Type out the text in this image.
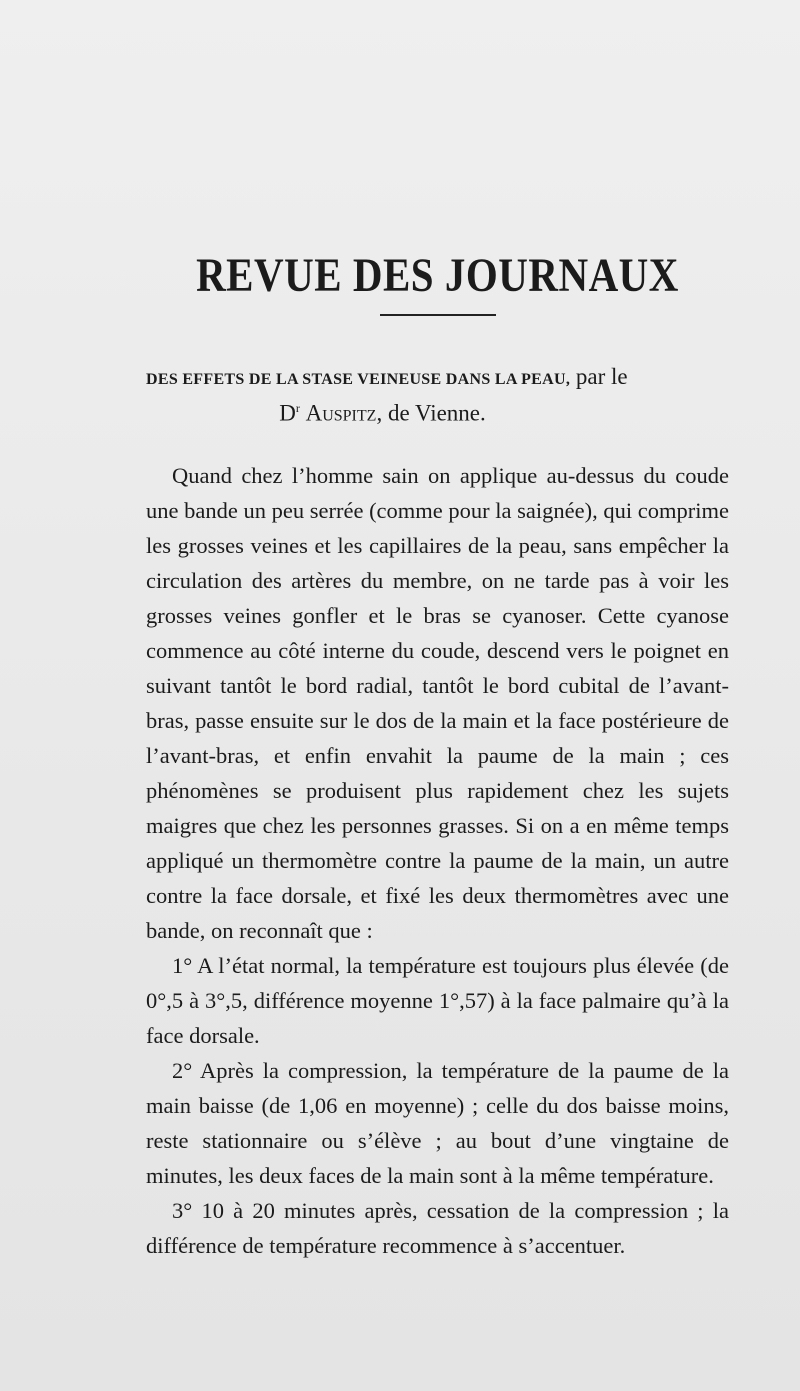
REVUE DES JOURNAUX
DES EFFETS DE LA STASE VEINEUSE DANS LA PEAU, par le
$D^r$ Auspitz, de Vienne.

Quand chez l’homme sain on applique au-dessus du coude une bande un peu serrée (comme pour la saignée), qui comprime les grosses veines et les capillaires de la peau, sans empêcher la circulation des artères du membre, on ne tarde pas à voir les grosses veines gonfler et le bras se cyanoser. Cette cyanose commence au côté interne du coude, descend vers le poignet en suivant tantôt le bord radial, tantôt le bord cubital de l’avant-bras, passe ensuite sur le dos de la main et la face postérieure de l’avant-bras, et enfin envahit la paume de la main ; ces phénomènes se produisent plus rapidement chez les sujets maigres que chez les personnes grasses. Si on a en même temps appliqué un thermomètre contre la paume de la main, un autre contre la face dorsale, et fixé les deux thermomètres avec une bande, on reconnaît que :

1° A l’état normal, la température est toujours plus élevée (de 0°,5 à 3°,5, différence moyenne 1°,57) à la face palmaire qu’à la face dorsale.

2° Après la compression, la température de la paume de la main baisse (de 1,06 en moyenne) ; celle du dos baisse moins, reste stationnaire ou s’élève ; au bout d’une vingtaine de minutes, les deux faces de la main sont à la même température.

3° 10 à 20 minutes après, cessation de la compression ; la différence de température recommence à s’accentuer.
